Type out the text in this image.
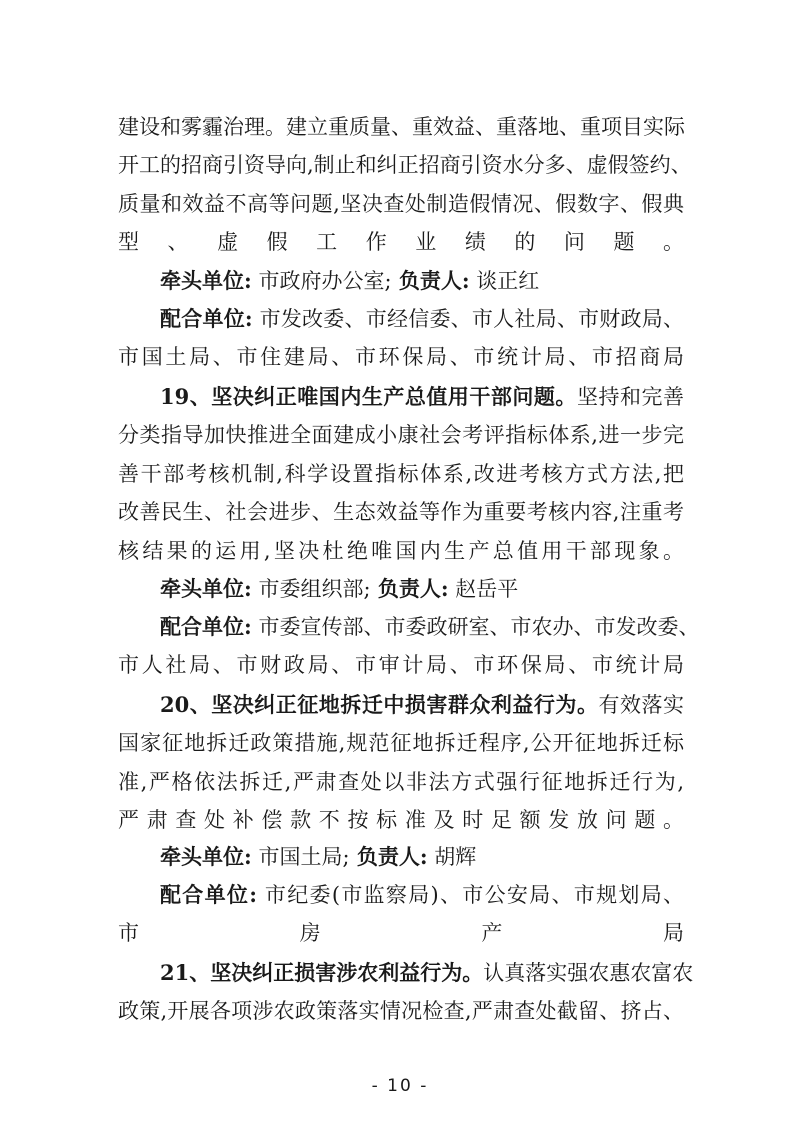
建设和雾霾治理。建立重质量、重效益、重落地、重项目实际
开工的招商引资导向,制止和纠正招商引资水分多、虚假签约、
质量和效益不高等问题,坚决查处制造假情况、假数字、假典
型、虚假工作业绩的问题。
牵头单位: 市政府办公室; 负责人: 谈正红
配合单位: 市发改委、市经信委、市人社局、市财政局、
市国土局、市住建局、市环保局、市统计局、市招商局
19、坚决纠正唯国内生产总值用干部问题。坚持和完善
分类指导加快推进全面建成小康社会考评指标体系,进一步完
善干部考核机制,科学设置指标体系,改进考核方式方法,把
改善民生、社会进步、生态效益等作为重要考核内容,注重考
核结果的运用,坚决杜绝唯国内生产总值用干部现象。
牵头单位: 市委组织部; 负责人: 赵岳平
配合单位: 市委宣传部、市委政研室、市农办、市发改委、
市人社局、市财政局、市审计局、市环保局、市统计局
20、坚决纠正征地拆迁中损害群众利益行为。有效落实
国家征地拆迁政策措施,规范征地拆迁程序,公开征地拆迁标
准,严格依法拆迁,严肃查处以非法方式强行征地拆迁行为,
严肃查处补偿款不按标准及时足额发放问题。
牵头单位: 市国土局; 负责人: 胡辉
配合单位: 市纪委(市监察局)、市公安局、市规划局、
市房产局
21、坚决纠正损害涉农利益行为。认真落实强农惠农富农
政策,开展各项涉农政策落实情况检查,严肃查处截留、挤占、
- 10 -
